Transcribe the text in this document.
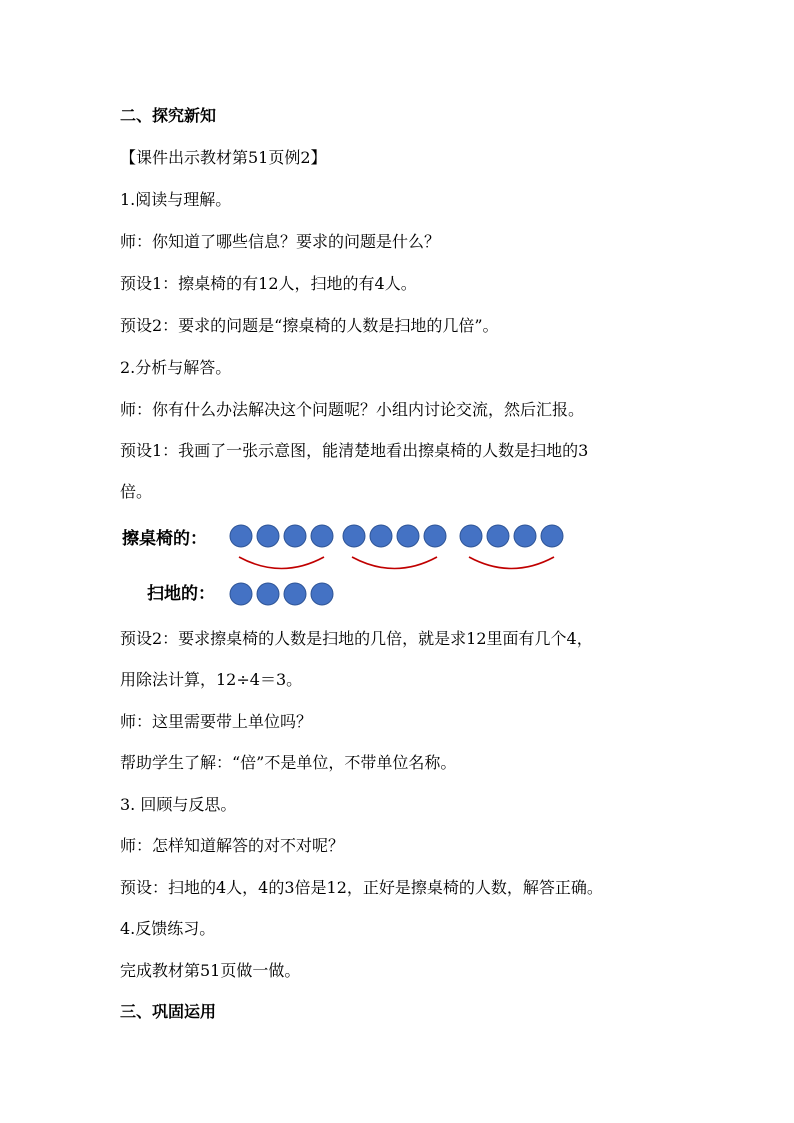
二、探究新知

【课件出示教材第51页例2】

1.阅读与理解。

师：你知道了哪些信息？要求的问题是什么？

预设1：擦桌椅的有12人，扫地的有4人。

预设2：要求的问题是“擦桌椅的人数是扫地的几倍”。

2.分析与解答。

师：你有什么办法解决这个问题呢？小组内讨论交流，然后汇报。

预设1：我画了一张示意图，能清楚地看出擦桌椅的人数是扫地的3

倍。

擦桌椅的：
扫地的：

预设2：要求擦桌椅的人数是扫地的几倍，就是求12里面有几个4，

用除法计算，12÷4＝3。

师：这里需要带上单位吗？

帮助学生了解：“倍”不是单位，不带单位名称。

3. 回顾与反思。

师：怎样知道解答的对不对呢？

预设：扫地的4人，4的3倍是12，正好是擦桌椅的人数，解答正确。

4.反馈练习。

完成教材第51页做一做。

三、巩固运用
